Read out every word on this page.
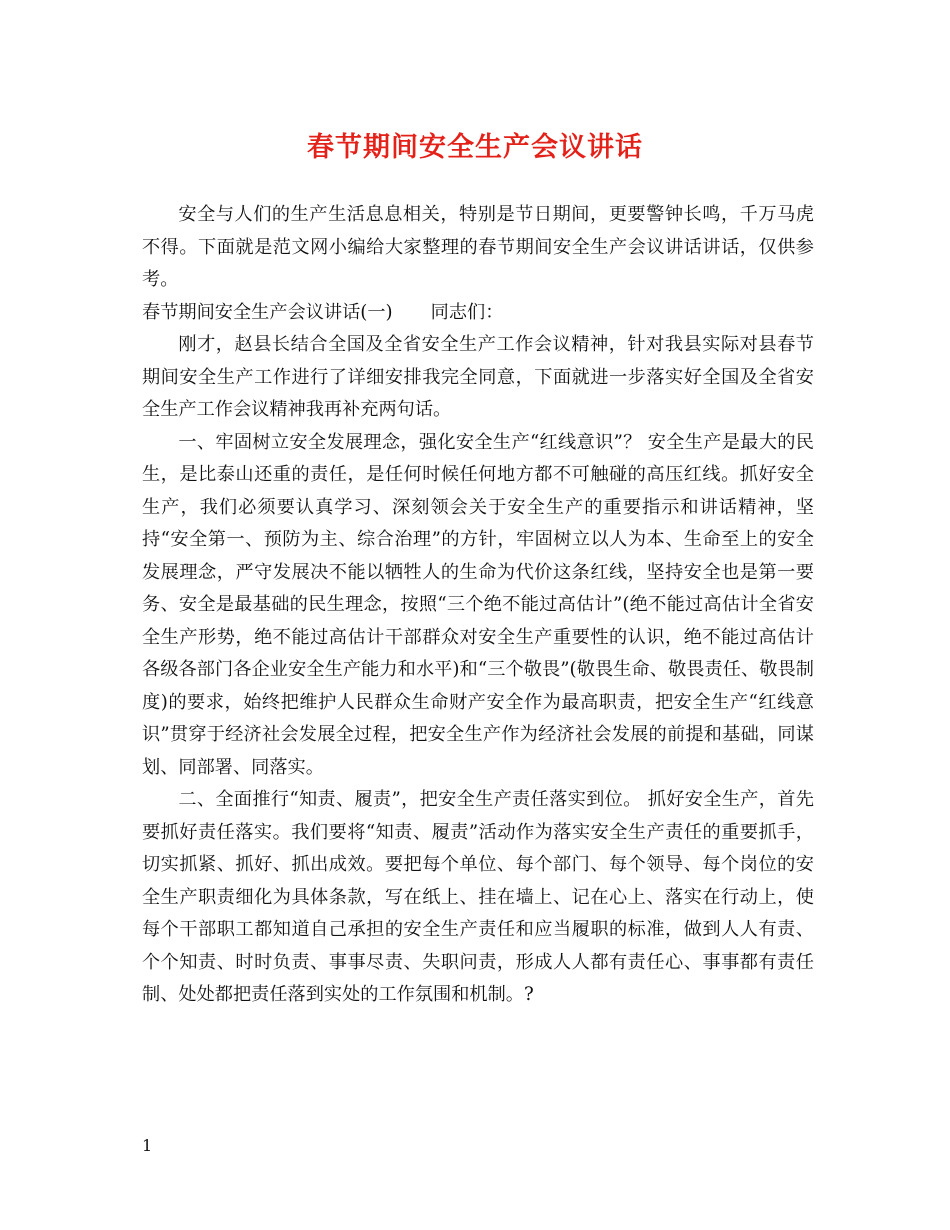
春节期间安全生产会议讲话

安全与人们的生产生活息息相关，特别是节日期间，更要警钟长鸣，千万马虎不得。下面就是范文网小编给大家整理的春节期间安全生产会议讲话讲话，仅供参考。

春节期间安全生产会议讲话(一) 同志们：

刚才，赵县长结合全国及全省安全生产工作会议精神，针对我县实际对县春节期间安全生产工作进行了详细安排我完全同意，下面就进一步落实好全国及全省安全生产工作会议精神我再补充两句话。

一、牢固树立安全发展理念，强化安全生产“红线意识”？ 安全生产是最大的民生，是比泰山还重的责任，是任何时候任何地方都不可触碰的高压红线。抓好安全生产，我们必须要认真学习、深刻领会关于安全生产的重要指示和讲话精神，坚持“安全第一、预防为主、综合治理”的方针，牢固树立以人为本、生命至上的安全发展理念，严守发展决不能以牺牲人的生命为代价这条红线，坚持安全也是第一要务、安全是最基础的民生理念，按照“三个绝不能过高估计”(绝不能过高估计全省安全生产形势，绝不能过高估计干部群众对安全生产重要性的认识，绝不能过高估计各级各部门各企业安全生产能力和水平)和“三个敬畏”(敬畏生命、敬畏责任、敬畏制度)的要求，始终把维护人民群众生命财产安全作为最高职责，把安全生产“红线意识”贯穿于经济社会发展全过程，把安全生产作为经济社会发展的前提和基础，同谋划、同部署、同落实。

二、全面推行“知责、履责”，把安全生产责任落实到位。 抓好安全生产，首先要抓好责任落实。我们要将“知责、履责”活动作为落实安全生产责任的重要抓手，切实抓紧、抓好、抓出成效。要把每个单位、每个部门、每个领导、每个岗位的安全生产职责细化为具体条款，写在纸上、挂在墙上、记在心上、落实在行动上，使每个干部职工都知道自己承担的安全生产责任和应当履职的标准，做到人人有责、个个知责、时时负责、事事尽责、失职问责，形成人人都有责任心、事事都有责任制、处处都把责任落到实处的工作氛围和机制。?

1
